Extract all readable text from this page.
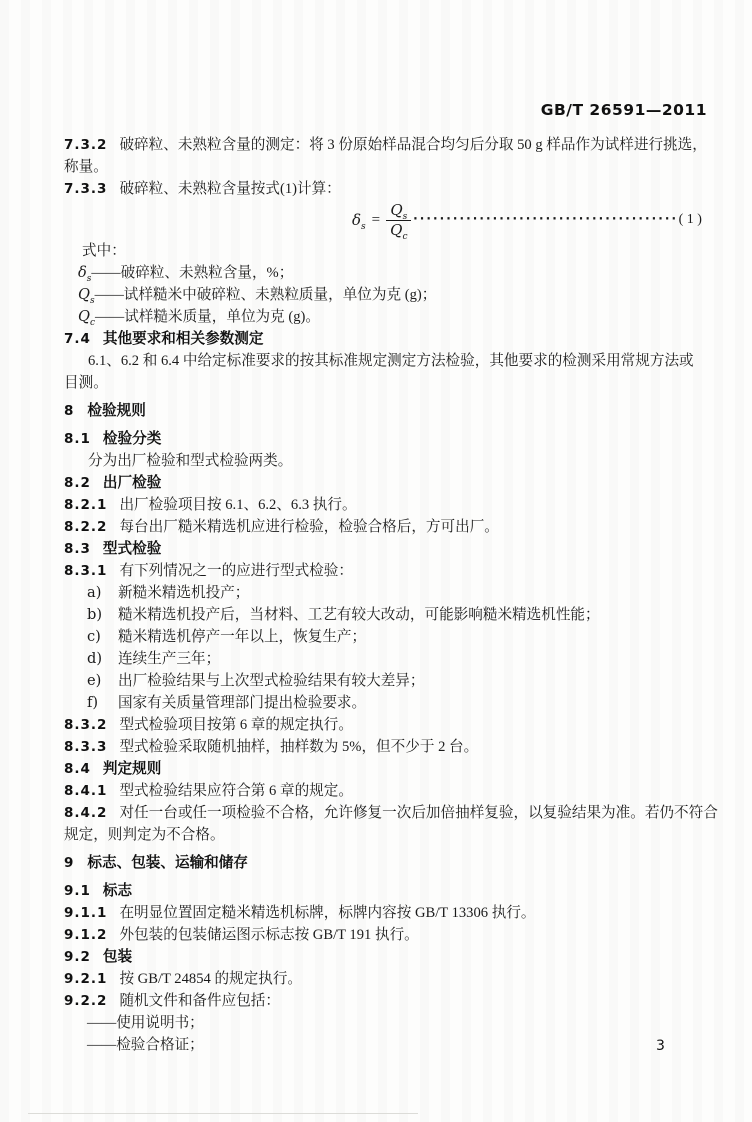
GB/T 26591—2011

7.3.2 破碎粒、未熟粒含量的测定：将 3 份原始样品混合均匀后分取 50 g 样品作为试样进行挑选，
称量。

7.3.3 破碎粒、未熟粒含量按式(1)计算：

$\delta_s = \frac{Q_s}{Q_c}$ ········································ ( 1 )

式中：

$\delta_s——$破碎粒、未熟粒含量，%；

$Q_s——$试样糙米中破碎粒、未熟粒质量，单位为克 (g)；

$Q_c——$试样糙米质量，单位为克 (g)。

7.4 其他要求和相关参数测定

6.1、6.2 和 6.4 中给定标准要求的按其标准规定测定方法检验，其他要求的检测采用常规方法或
目测。

8 检验规则

8.1 检验分类

分为出厂检验和型式检验两类。

8.2 出厂检验

8.2.1 出厂检验项目按 6.1、6.2、6.3 执行。

8.2.2 每台出厂糙米精选机应进行检验，检验合格后，方可出厂。

8.3 型式检验

8.3.1 有下列情况之一的应进行型式检验：

a) 新糙米精选机投产；

b) 糙米精选机投产后，当材料、工艺有较大改动，可能影响糙米精选机性能；

c) 糙米精选机停产一年以上，恢复生产；

d) 连续生产三年；

e) 出厂检验结果与上次型式检验结果有较大差异；

f) 国家有关质量管理部门提出检验要求。

8.3.2 型式检验项目按第 6 章的规定执行。

8.3.3 型式检验采取随机抽样，抽样数为 5%，但不少于 2 台。

8.4 判定规则

8.4.1 型式检验结果应符合第 6 章的规定。

8.4.2 对任一台或任一项检验不合格，允许修复一次后加倍抽样复验，以复验结果为准。若仍不符合
规定，则判定为不合格。

9 标志、包装、运输和储存

9.1 标志

9.1.1 在明显位置固定糙米精选机标牌，标牌内容按 GB/T 13306 执行。

9.1.2 外包装的包装储运图示标志按 GB/T 191 执行。

9.2 包装

9.2.1 按 GB/T 24854 的规定执行。

9.2.2 随机文件和备件应包括：

——使用说明书；

——检验合格证；	3
